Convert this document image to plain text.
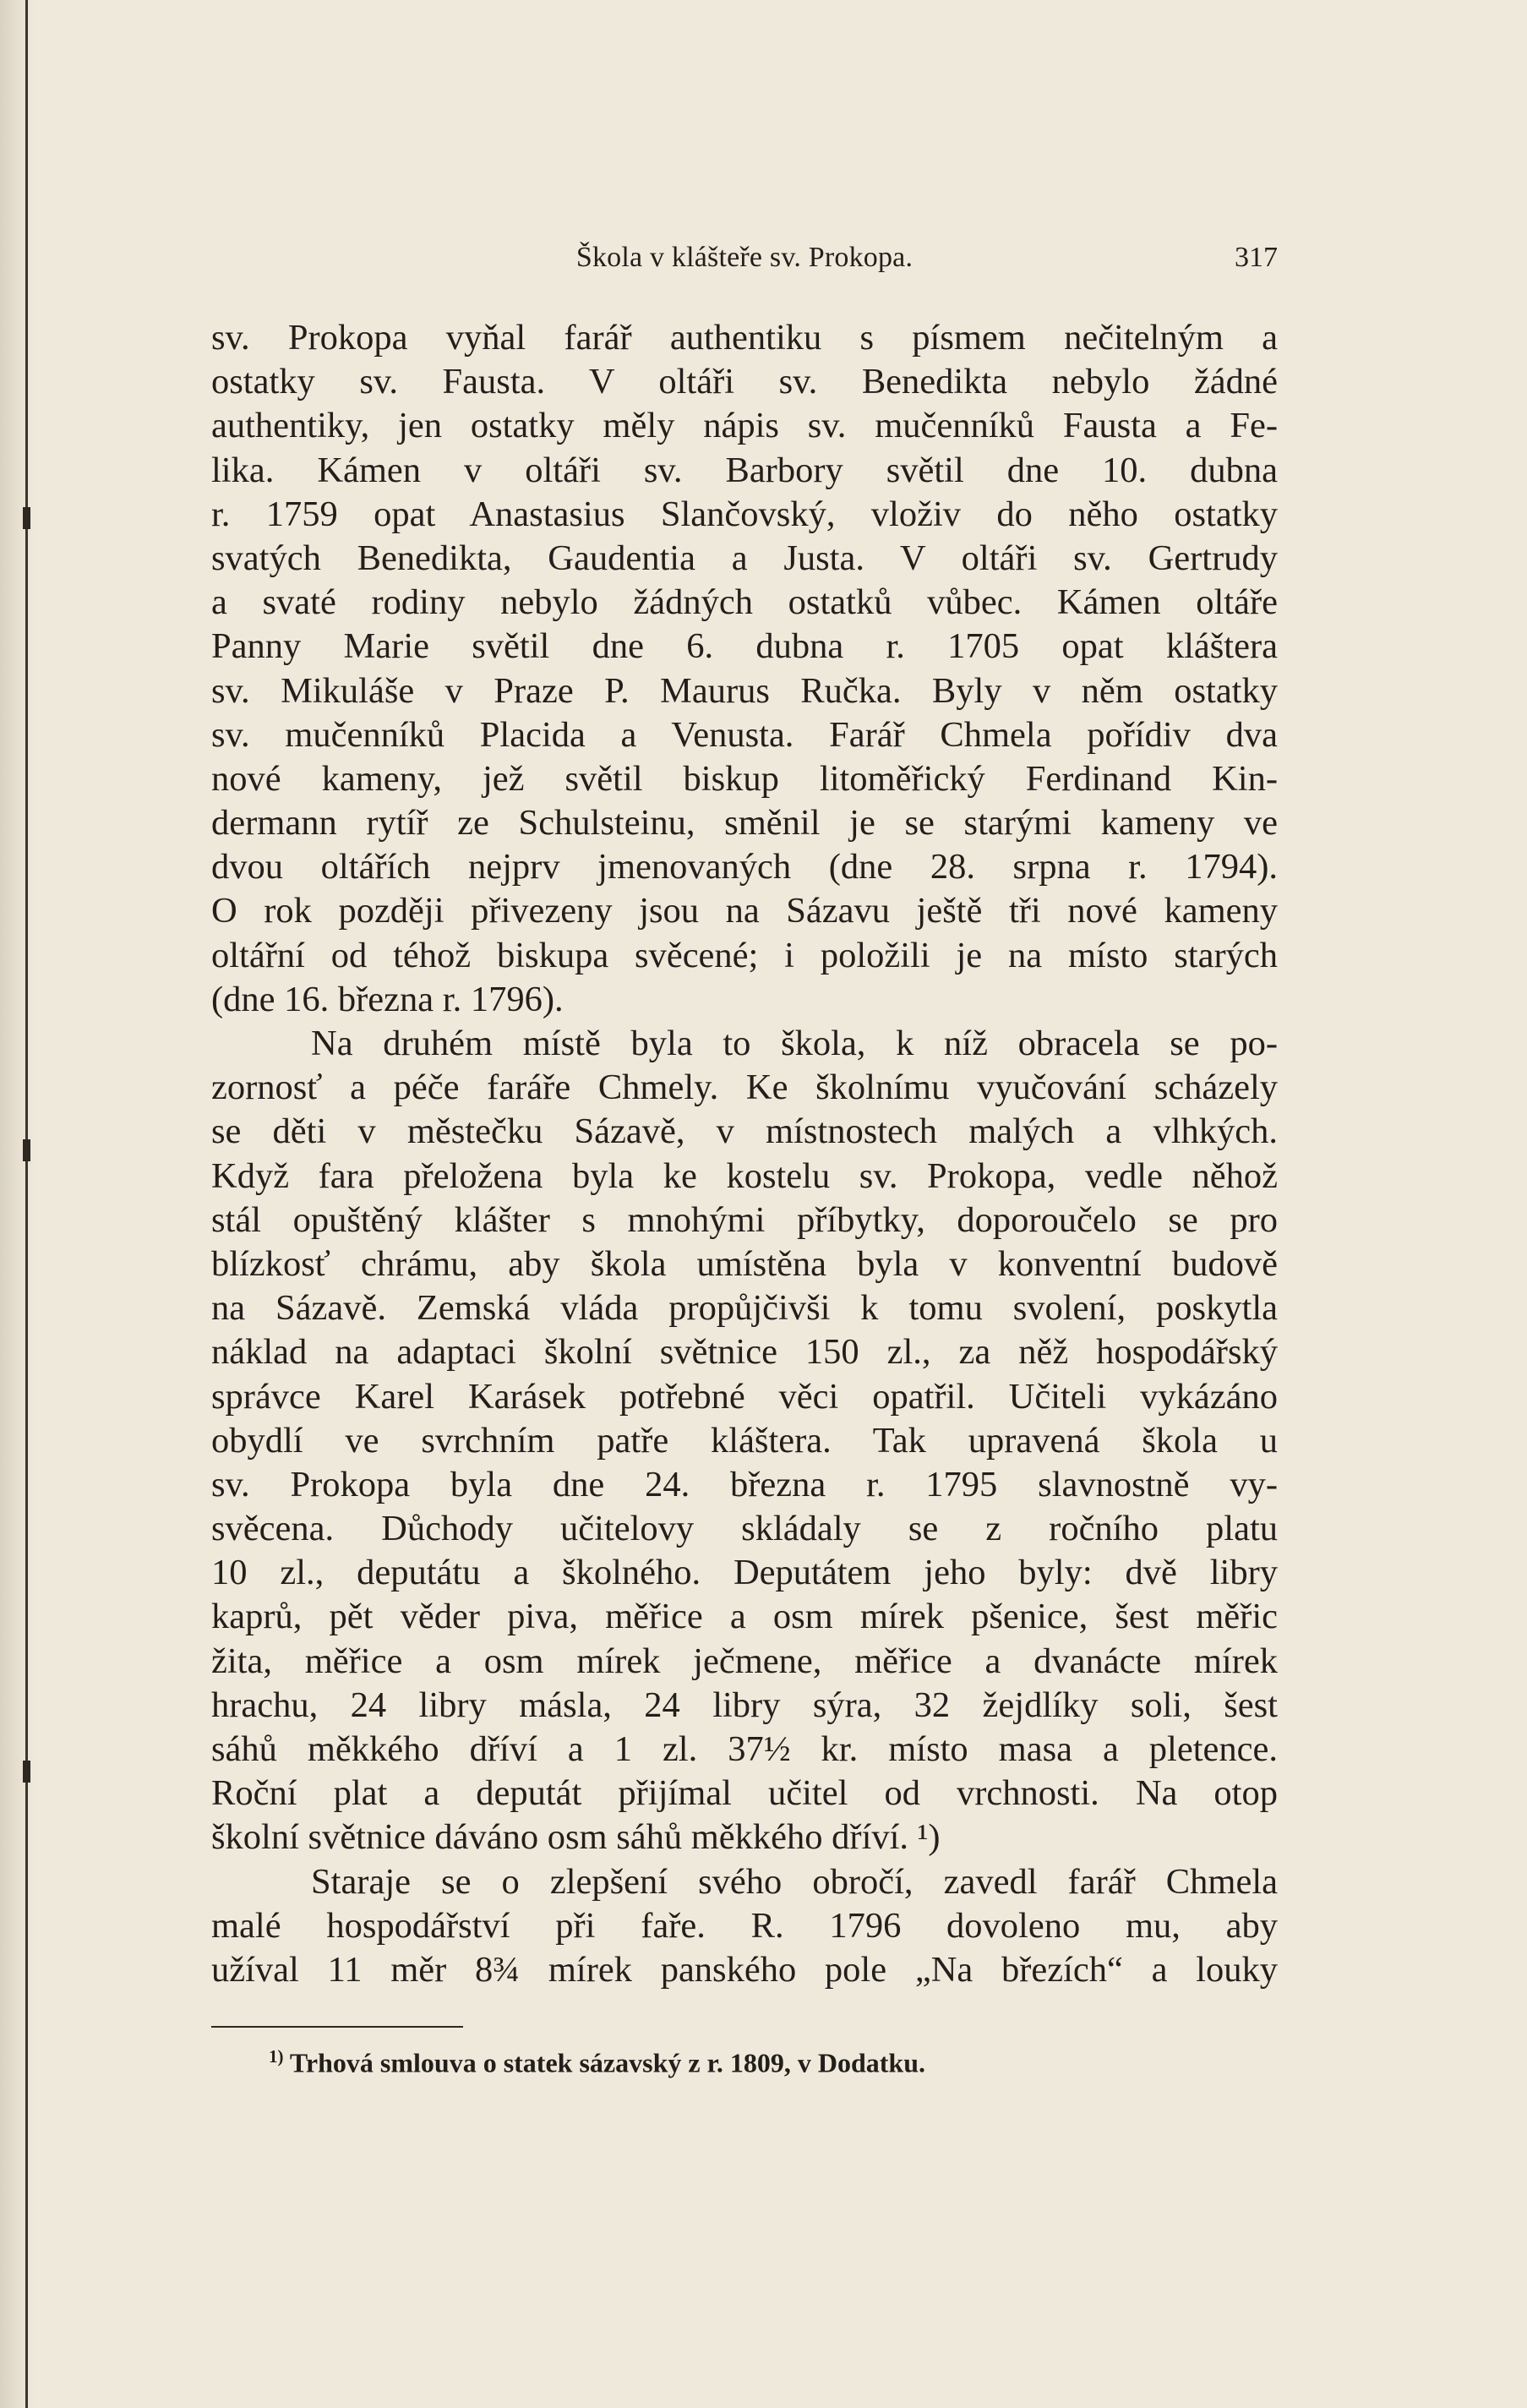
Škola v klášteře sv. Prokopa.	317
sv. Prokopa vyňal farář authentiku s písmem nečitelným a
ostatky sv. Fausta. V oltáři sv. Benedikta nebylo žádné
authentiky, jen ostatky měly nápis sv. mučenníků Fausta a Fe-
lika. Kámen v oltáři sv. Barbory světil dne 10. dubna
r. 1759 opat Anastasius Slančovský, vloživ do něho ostatky
svatých Benedikta, Gaudentia a Justa. V oltáři sv. Gertrudy
a svaté rodiny nebylo žádných ostatků vůbec. Kámen oltáře
Panny Marie světil dne 6. dubna r. 1705 opat kláštera
sv. Mikuláše v Praze P. Maurus Ručka. Byly v něm ostatky
sv. mučenníků Placida a Venusta. Farář Chmela pořídiv dva
nové kameny, jež světil biskup litoměřický Ferdinand Kin-
dermann rytíř ze Schulsteinu, směnil je se starými kameny ve
dvou oltářích nejprv jmenovaných (dne 28. srpna r. 1794).
O rok později přivezeny jsou na Sázavu ještě tři nové kameny
oltářní od téhož biskupa svěcené; i položili je na místo starých
(dne 16. března r. 1796).
Na druhém místě byla to škola, k níž obracela se po-
zornosť a péče faráře Chmely. Ke školnímu vyučování scházely
se děti v městečku Sázavě, v místnostech malých a vlhkých.
Když fara přeložena byla ke kostelu sv. Prokopa, vedle něhož
stál opuštěný klášter s mnohými příbytky, doporoučelo se pro
blízkosť chrámu, aby škola umístěna byla v konventní budově
na Sázavě. Zemská vláda propůjčivši k tomu svolení, poskytla
náklad na adaptaci školní světnice 150 zl., za něž hospodářský
správce Karel Karásek potřebné věci opatřil. Učiteli vykázáno
obydlí ve svrchním patře kláštera. Tak upravená škola u
sv. Prokopa byla dne 24. března r. 1795 slavnostně vy-
svěcena. Důchody učitelovy skládaly se z ročního platu
10 zl., deputátu a školného. Deputátem jeho byly: dvě libry
kaprů, pět věder piva, měřice a osm mírek pšenice, šest měřic
žita, měřice a osm mírek ječmene, měřice a dvanácte mírek
hrachu, 24 libry másla, 24 libry sýra, 32 žejdlíky soli, šest
sáhů měkkého dříví a 1 zl. 37½ kr. místo masa a pletence.
Roční plat a deputát přijímal učitel od vrchnosti. Na otop
školní světnice dáváno osm sáhů měkkého dříví. ¹)
Staraje se o zlepšení svého obročí, zavedl farář Chmela
malé hospodářství při faře. R. 1796 dovoleno mu, aby
užíval 11 měr 8¾ mírek panského pole „Na březích“ a louky
$^{1)}$ Trhová smlouva o statek sázavský z r. 1809, v Dodatku.
